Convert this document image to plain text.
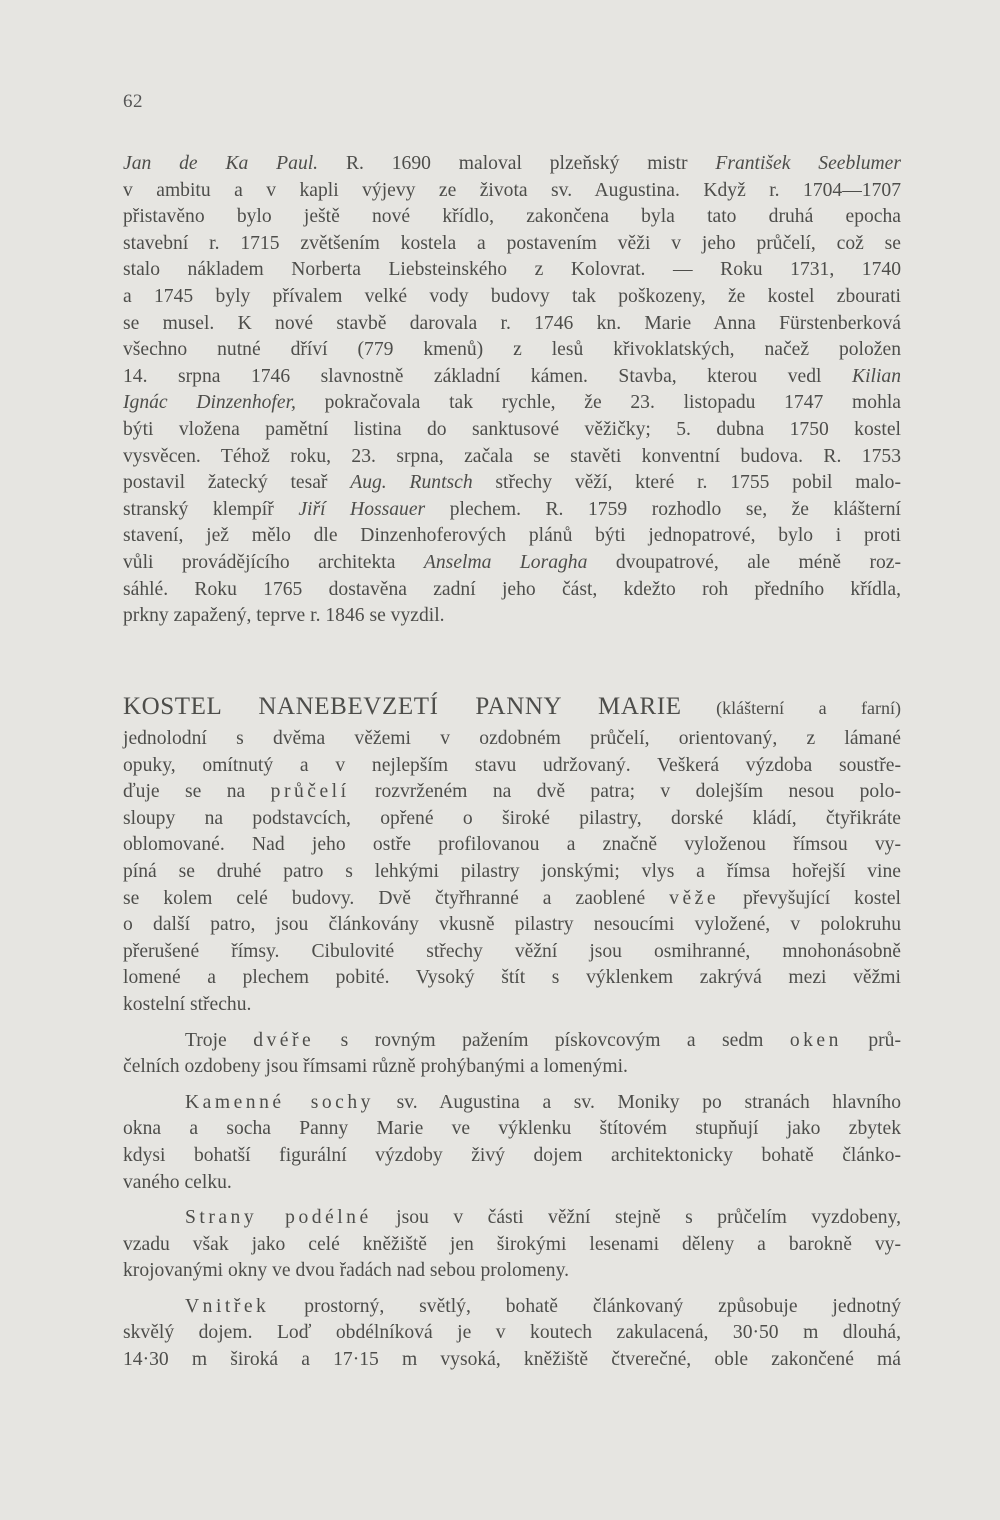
62
Jan de Ka Paul. R. 1690 maloval plzeňský mistr František Seeblumer
v ambitu a v kapli výjevy ze života sv. Augustina. Když r. 1704—1707
přistavěno bylo ještě nové křídlo, zakončena byla tato druhá epocha
stavební r. 1715 zvětšením kostela a postavením věži v jeho průčelí, což se
stalo nákladem Norberta Liebsteinského z Kolovrat. — Roku 1731, 1740
a 1745 byly přívalem velké vody budovy tak poškozeny, že kostel zbourati
se musel. K nové stavbě darovala r. 1746 kn. Marie Anna Fürstenberková
všechno nutné dříví (779 kmenů) z lesů křivoklatských, načež položen
14. srpna 1746 slavnostně základní kámen. Stavba, kterou vedl Kilian
Ignác Dinzenhofer, pokračovala tak rychle, že 23. listopadu 1747 mohla
býti vložena pamětní listina do sanktusové věžičky; 5. dubna 1750 kostel
vysvěcen. Téhož roku, 23. srpna, začala se stavěti konventní budova. R. 1753
postavil žatecký tesař Aug. Runtsch střechy věží, které r. 1755 pobil malo-
stranský klempíř Jiří Hossauer plechem. R. 1759 rozhodlo se, že klášterní
stavení, jež mělo dle Dinzenhoferových plánů býti jednopatrové, bylo i proti
vůli provádějícího architekta Anselma Loragha dvoupatrové, ale méně roz-
sáhlé. Roku 1765 dostavěna zadní jeho část, kdežto roh předního křídla,
prkny zapažený, teprve r. 1846 se vyzdil.
KOSTEL NANEBEVZETÍ PANNY MARIE (klášterní a farní)
jednolodní s dvěma věžemi v ozdobném průčelí, orientovaný, z lámané
opuky, omítnutý a v nejlepším stavu udržovaný. Veškerá výzdoba soustře-
ďuje se na průčelí rozvrženém na dvě patra; v dolejším nesou polo-
sloupy na podstavcích, opřené o široké pilastry, dorské kládí, čtyřikráte
oblomované. Nad jeho ostře profilovanou a značně vyloženou římsou vy-
píná se druhé patro s lehkými pilastry jonskými; vlys a římsa hořejší vine
se kolem celé budovy. Dvě čtyřhranné a zaoblené věže převyšující kostel
o další patro, jsou článkovány vkusně pilastry nesoucími vyložené, v polokruhu
přerušené římsy. Cibulovité střechy věžní jsou osmihranné, mnohonásobně
lomené a plechem pobité. Vysoký štít s výklenkem zakrývá mezi věžmi
kostelní střechu.
Troje dvéře s rovným pažením pískovcovým a sedm oken prů-
čelních ozdobeny jsou římsami různě prohýbanými a lomenými.
Kamenné sochy sv. Augustina a sv. Moniky po stranách hlavního
okna a socha Panny Marie ve výklenku štítovém stupňují jako zbytek
kdysi bohatší figurální výzdoby živý dojem architektonicky bohatě článko-
vaného celku.
Strany podélné jsou v části věžní stejně s průčelím vyzdobeny,
vzadu však jako celé kněžiště jen širokými lesenami děleny a barokně vy-
krojovanými okny ve dvou řadách nad sebou prolomeny.
Vnitřek prostorný, světlý, bohatě článkovaný způsobuje jednotný
skvělý dojem. Loď obdélníková je v koutech zakulacená, 30·50 m dlouhá,
14·30 m široká a 17·15 m vysoká, kněžiště čtverečné, oble zakončené má
